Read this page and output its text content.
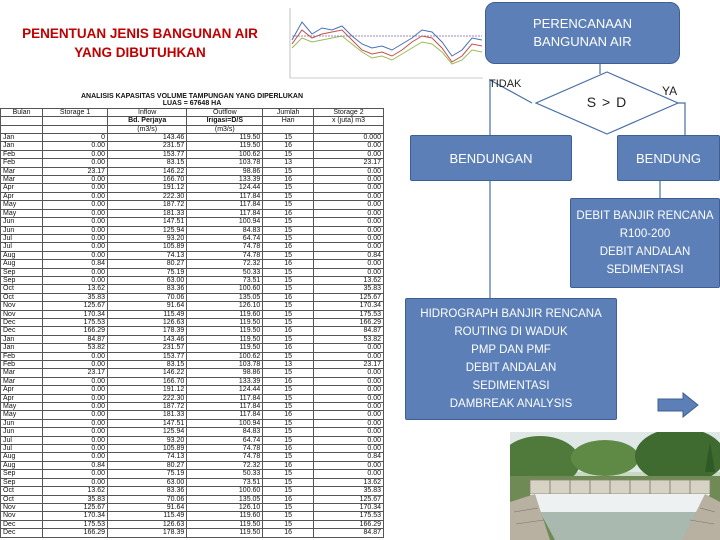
PENENTUAN JENIS BANGUNAN AIR
YANG DIBUTUHKAN
PERENCANAAN
BANGUNAN AIR
S > D
TIDAK	YA
BENDUNGAN	BENDUNG
DEBIT BANJIR RENCANA
R100-200
DEBIT ANDALAN
SEDIMENTASI
HIDROGRAPH BANJIR RENCANA
ROUTING DI WADUK
PMP DAN PMF
DEBIT ANDALAN
SEDIMENTASI
DAMBREAK ANALYSIS
ANALISIS KAPASITAS VOLUME TAMPUNGAN YANG DIPERLUKAN					
LUAS = 67648 HA					
Bulan	Storage 1	Inflow	Outflow	Jumlah	Storage 2
		Bd. Perjaya	Irigasi=D/S	Hari	x (juta) m3
		(m3/s)	(m3/s)		
Jan	0	143.46	119.50	15	0.000
Jan	0.00	231.57	119.50	16	0.00
Feb	0.00	153.77	100.62	15	0.00
Feb	0.00	83.15	103.78	13	23.17
Mar	23.17	146.22	98.86	15	0.00
Mar	0.00	166.70	133.39	16	0.00
Apr	0.00	191.12	124.44	15	0.00
Apr	0.00	222.30	117.84	15	0.00
May	0.00	187.72	117.84	15	0.00
May	0.00	181.33	117.84	16	0.00
Jun	0.00	147.51	100.94	15	0.00
Jun	0.00	125.94	84.83	15	0.00
Jul	0.00	93.20	64.74	15	0.00
Jul	0.00	105.89	74.78	16	0.00
Aug	0.00	74.13	74.78	15	0.84
Aug	0.84	80.27	72.32	16	0.00
Sep	0.00	75.19	50.33	15	0.00
Sep	0.00	63.00	73.51	15	13.62
Oct	13.62	83.36	100.60	15	35.83
Oct	35.83	70.06	135.05	16	125.67
Nov	125.67	91.64	126.10	15	170.34
Nov	170.34	115.49	119.60	15	175.53
Dec	175.53	126.63	119.50	15	166.29
Dec	166.29	178.39	119.50	16	84.87
Jan	84.87	143.46	119.50	15	53.82
Jan	53.82	231.57	119.50	16	0.00
Feb	0.00	153.77	100.62	15	0.00
Feb	0.00	83.15	103.78	13	23.17
Mar	23.17	146.22	98.86	15	0.00
Mar	0.00	166.70	133.39	16	0.00
Apr	0.00	191.12	124.44	15	0.00
Apr	0.00	222.30	117.84	15	0.00
May	0.00	187.72	117.84	15	0.00
May	0.00	181.33	117.84	16	0.00
Jun	0.00	147.51	100.94	15	0.00
Jun	0.00	125.94	84.83	15	0.00
Jul	0.00	93.20	64.74	15	0.00
Jul	0.00	105.89	74.78	16	0.00
Aug	0.00	74.13	74.78	15	0.84
Aug	0.84	80.27	72.32	16	0.00
Sep	0.00	75.19	50.33	15	0.00
Sep	0.00	63.00	73.51	15	13.62
Oct	13.62	83.36	100.60	15	35.83
Oct	35.83	70.06	135.05	16	125.67
Nov	125.67	91.64	126.10	15	170.34
Nov	170.34	115.49	119.60	15	175.53
Dec	175.53	126.63	119.50	15	166.29
Dec	166.29	178.39	119.50	16	84.87
